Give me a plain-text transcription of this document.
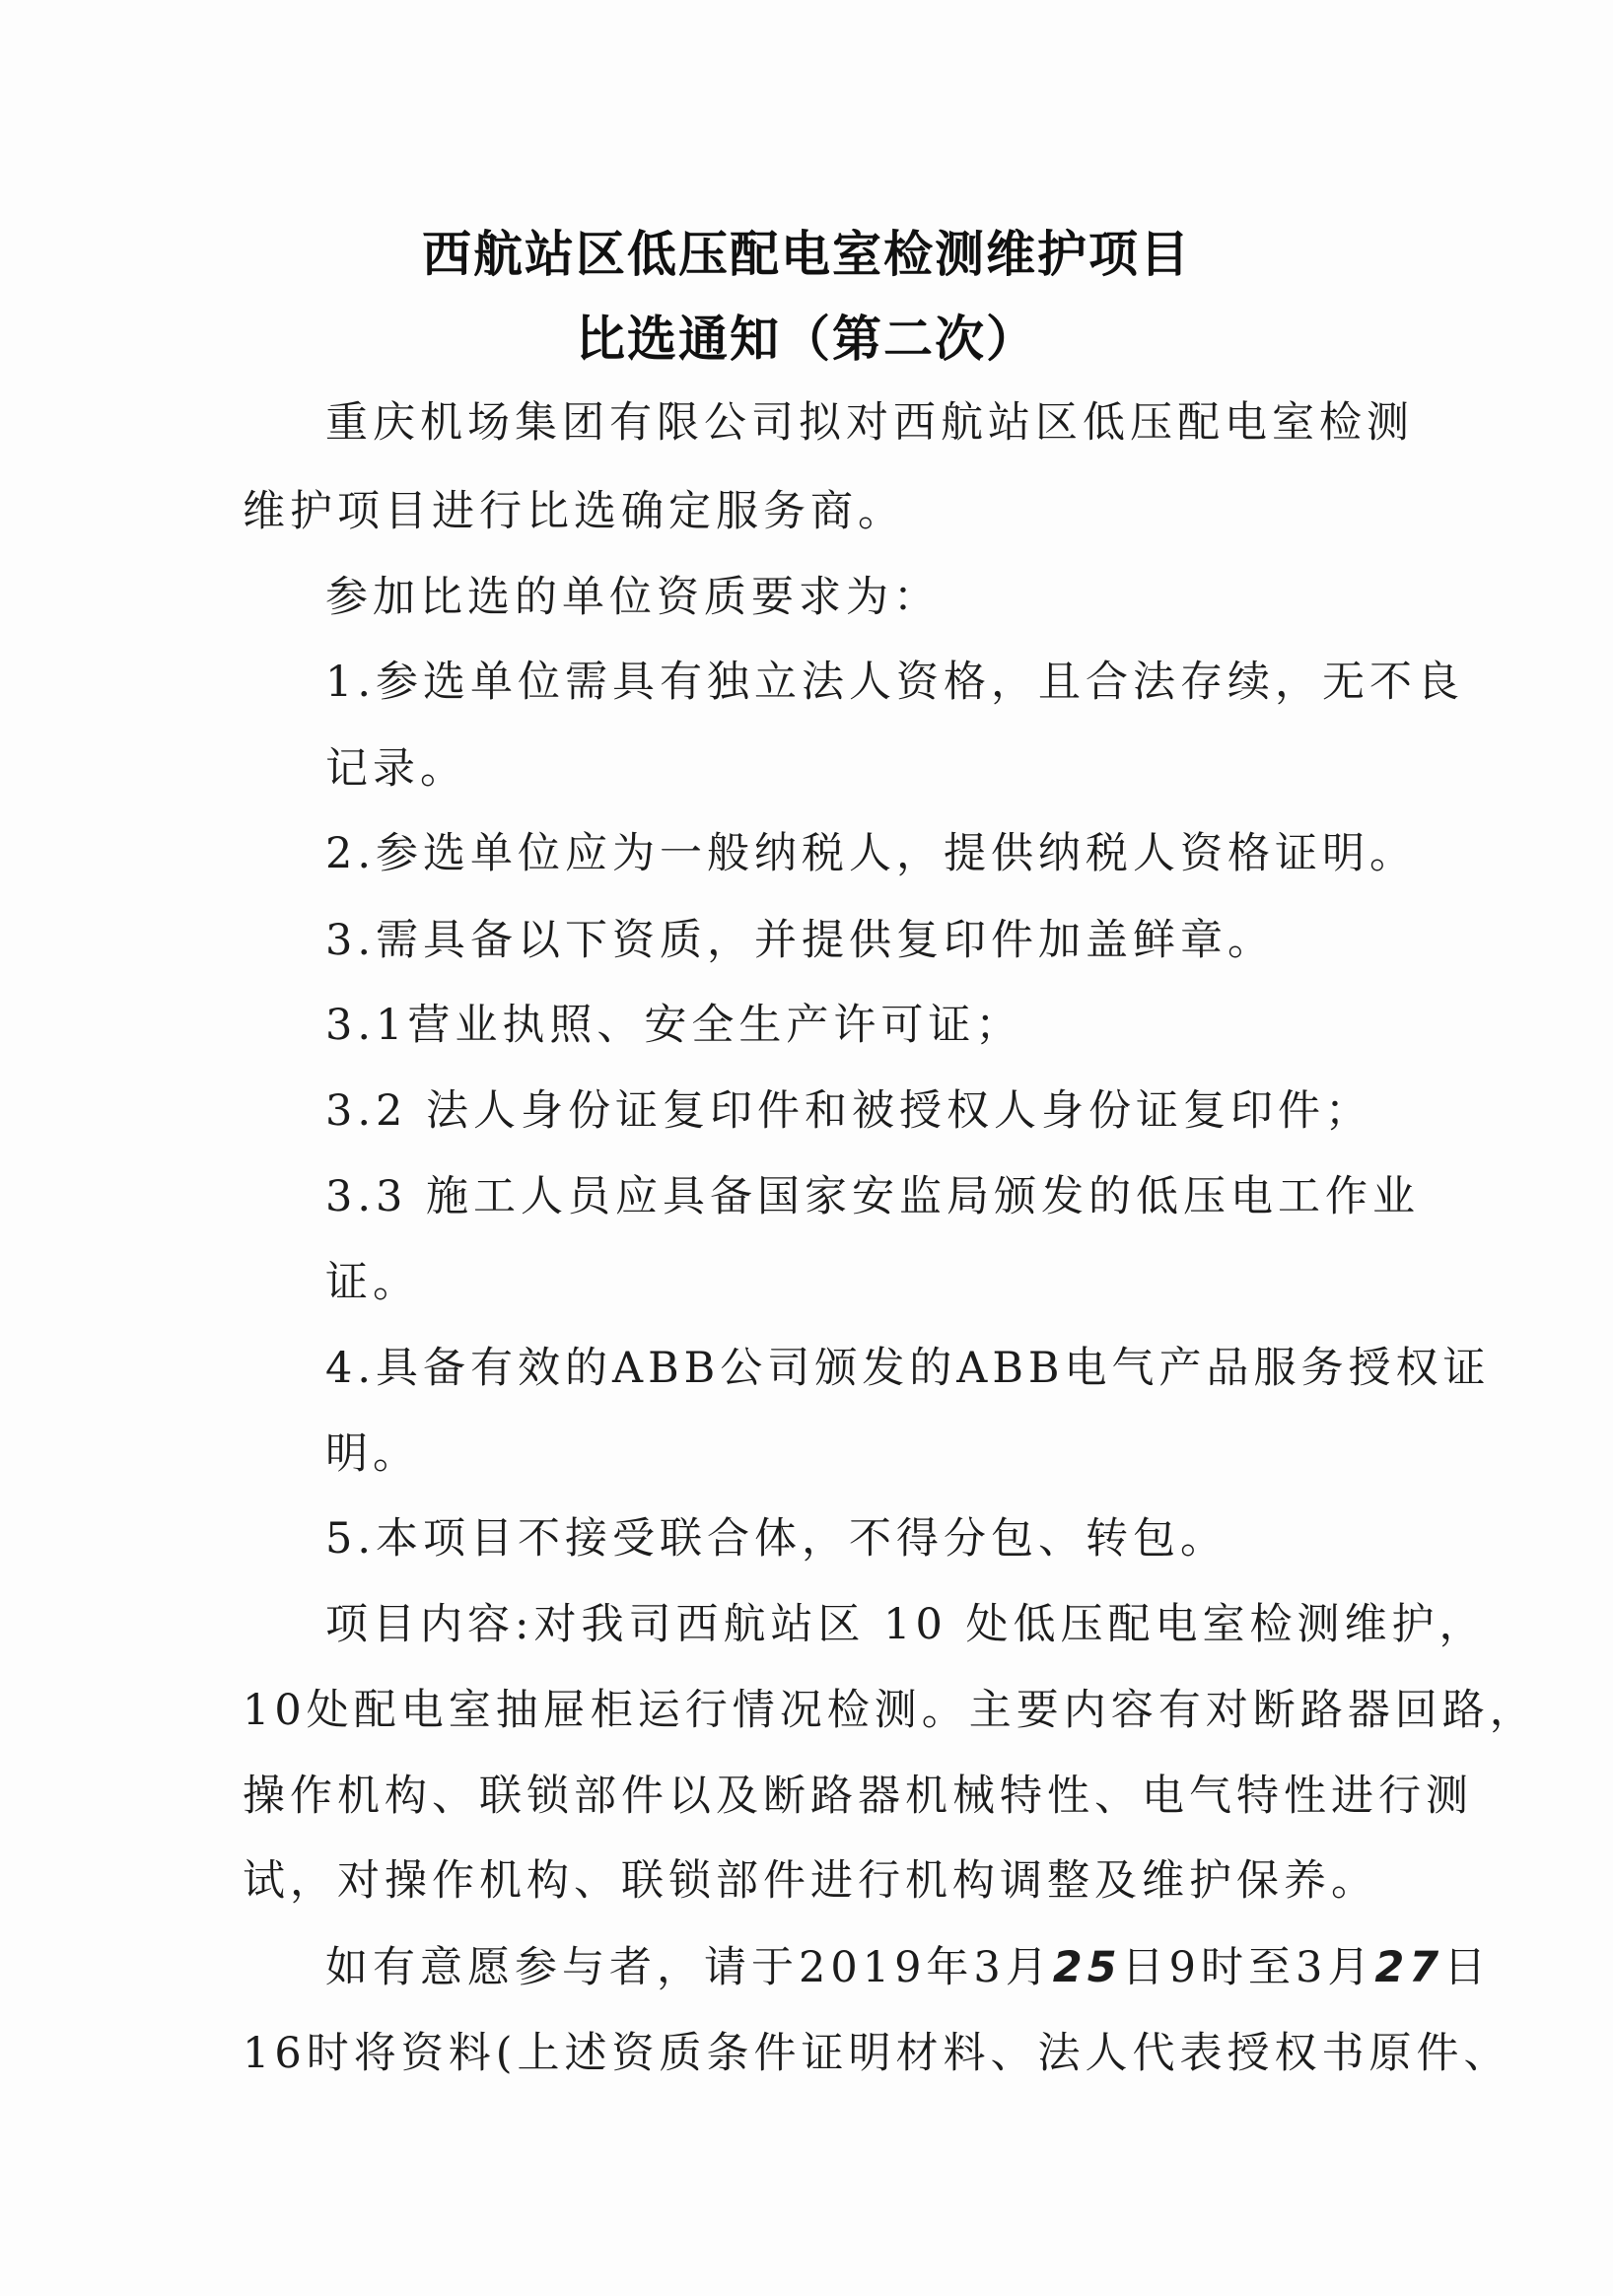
西航站区低压配电室检测维护项目
比选通知（第二次）
重庆机场集团有限公司拟对西航站区低压配电室检测
维护项目进行比选确定服务商。
参加比选的单位资质要求为：
1.参选单位需具有独立法人资格，且合法存续，无不良
记录。
2.参选单位应为一般纳税人，提供纳税人资格证明。
3.需具备以下资质，并提供复印件加盖鲜章。
3.1营业执照、安全生产许可证；
3.2 法人身份证复印件和被授权人身份证复印件；
3.3 施工人员应具备国家安监局颁发的低压电工作业
证。
4.具备有效的ABB公司颁发的ABB电气产品服务授权证
明。
5.本项目不接受联合体，不得分包、转包。
项目内容:对我司西航站区 10 处低压配电室检测维护，
10处配电室抽屉柜运行情况检测。主要内容有对断路器回路，
操作机构、联锁部件以及断路器机械特性、电气特性进行测
试，对操作机构、联锁部件进行机构调整及维护保养。
如有意愿参与者，请于2019年3月25日9时至3月27日
16时将资料(上述资质条件证明材料、法人代表授权书原件、
